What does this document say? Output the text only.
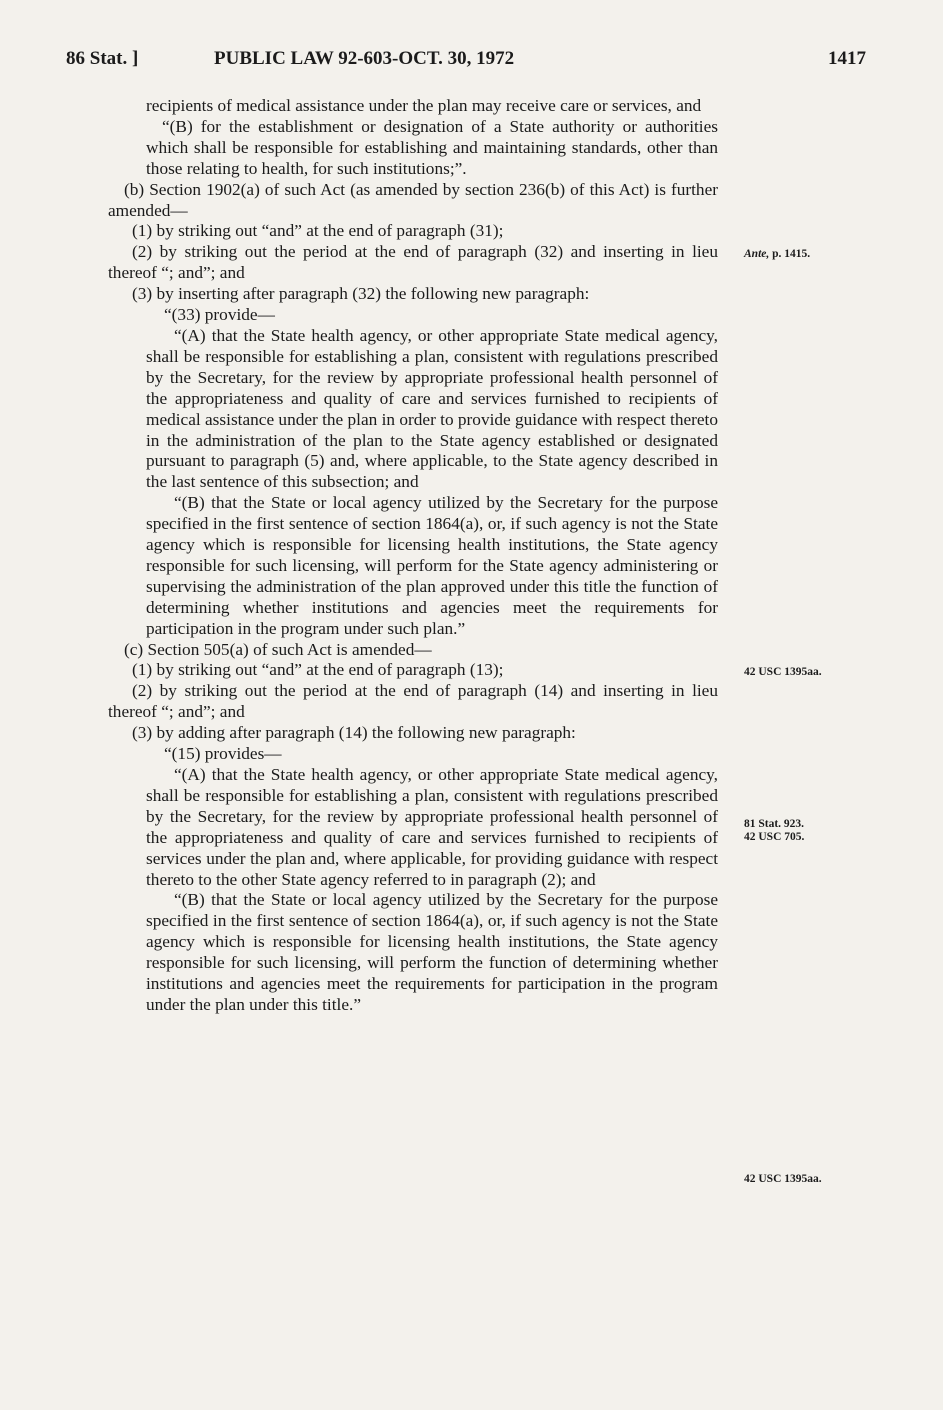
86 Stat. ]	PUBLIC LAW 92-603-OCT. 30, 1972	1417

recipients of medical assistance under the plan may receive care or services, and

“(B) for the establishment or designation of a State authority or authorities which shall be responsible for establishing and maintaining standards, other than those relating to health, for such institutions;”.

(b) Section 1902(a) of such Act (as amended by section 236(b) of this Act) is further amended—

(1) by striking out “and” at the end of paragraph (31);

(2) by striking out the period at the end of paragraph (32) and inserting in lieu thereof “; and”; and

(3) by inserting after paragraph (32) the following new paragraph:

“(33) provide—

“(A) that the State health agency, or other appropriate State medical agency, shall be responsible for establishing a plan, consistent with regulations prescribed by the Secretary, for the review by appropriate professional health personnel of the appropriateness and quality of care and services furnished to recipients of medical assistance under the plan in order to provide guidance with respect thereto in the administration of the plan to the State agency established or designated pursuant to paragraph (5) and, where applicable, to the State agency described in the last sentence of this subsection; and

“(B) that the State or local agency utilized by the Secretary for the purpose specified in the first sentence of section 1864(a), or, if such agency is not the State agency which is responsible for licensing health institutions, the State agency responsible for such licensing, will perform for the State agency administering or supervising the administration of the plan approved under this title the function of determining whether institutions and agencies meet the requirements for participation in the program under such plan.”

(c) Section 505(a) of such Act is amended—

(1) by striking out “and” at the end of paragraph (13);

(2) by striking out the period at the end of paragraph (14) and inserting in lieu thereof “; and”; and

(3) by adding after paragraph (14) the following new paragraph:

“(15) provides—

“(A) that the State health agency, or other appropriate State medical agency, shall be responsible for establishing a plan, consistent with regulations prescribed by the Secretary, for the review by appropriate professional health personnel of the appropriateness and quality of care and services furnished to recipients of services under the plan and, where applicable, for providing guidance with respect thereto to the other State agency referred to in paragraph (2); and

“(B) that the State or local agency utilized by the Secretary for the purpose specified in the first sentence of section 1864(a), or, if such agency is not the State agency which is responsible for licensing health institutions, the State agency responsible for such licensing, will perform the function of determining whether institutions and agencies meet the requirements for participation in the program under the plan under this title.”

Ante, p. 1415.
42 USC 1395aa.
81 Stat. 923.
42 USC 705.
42 USC 1395aa.
